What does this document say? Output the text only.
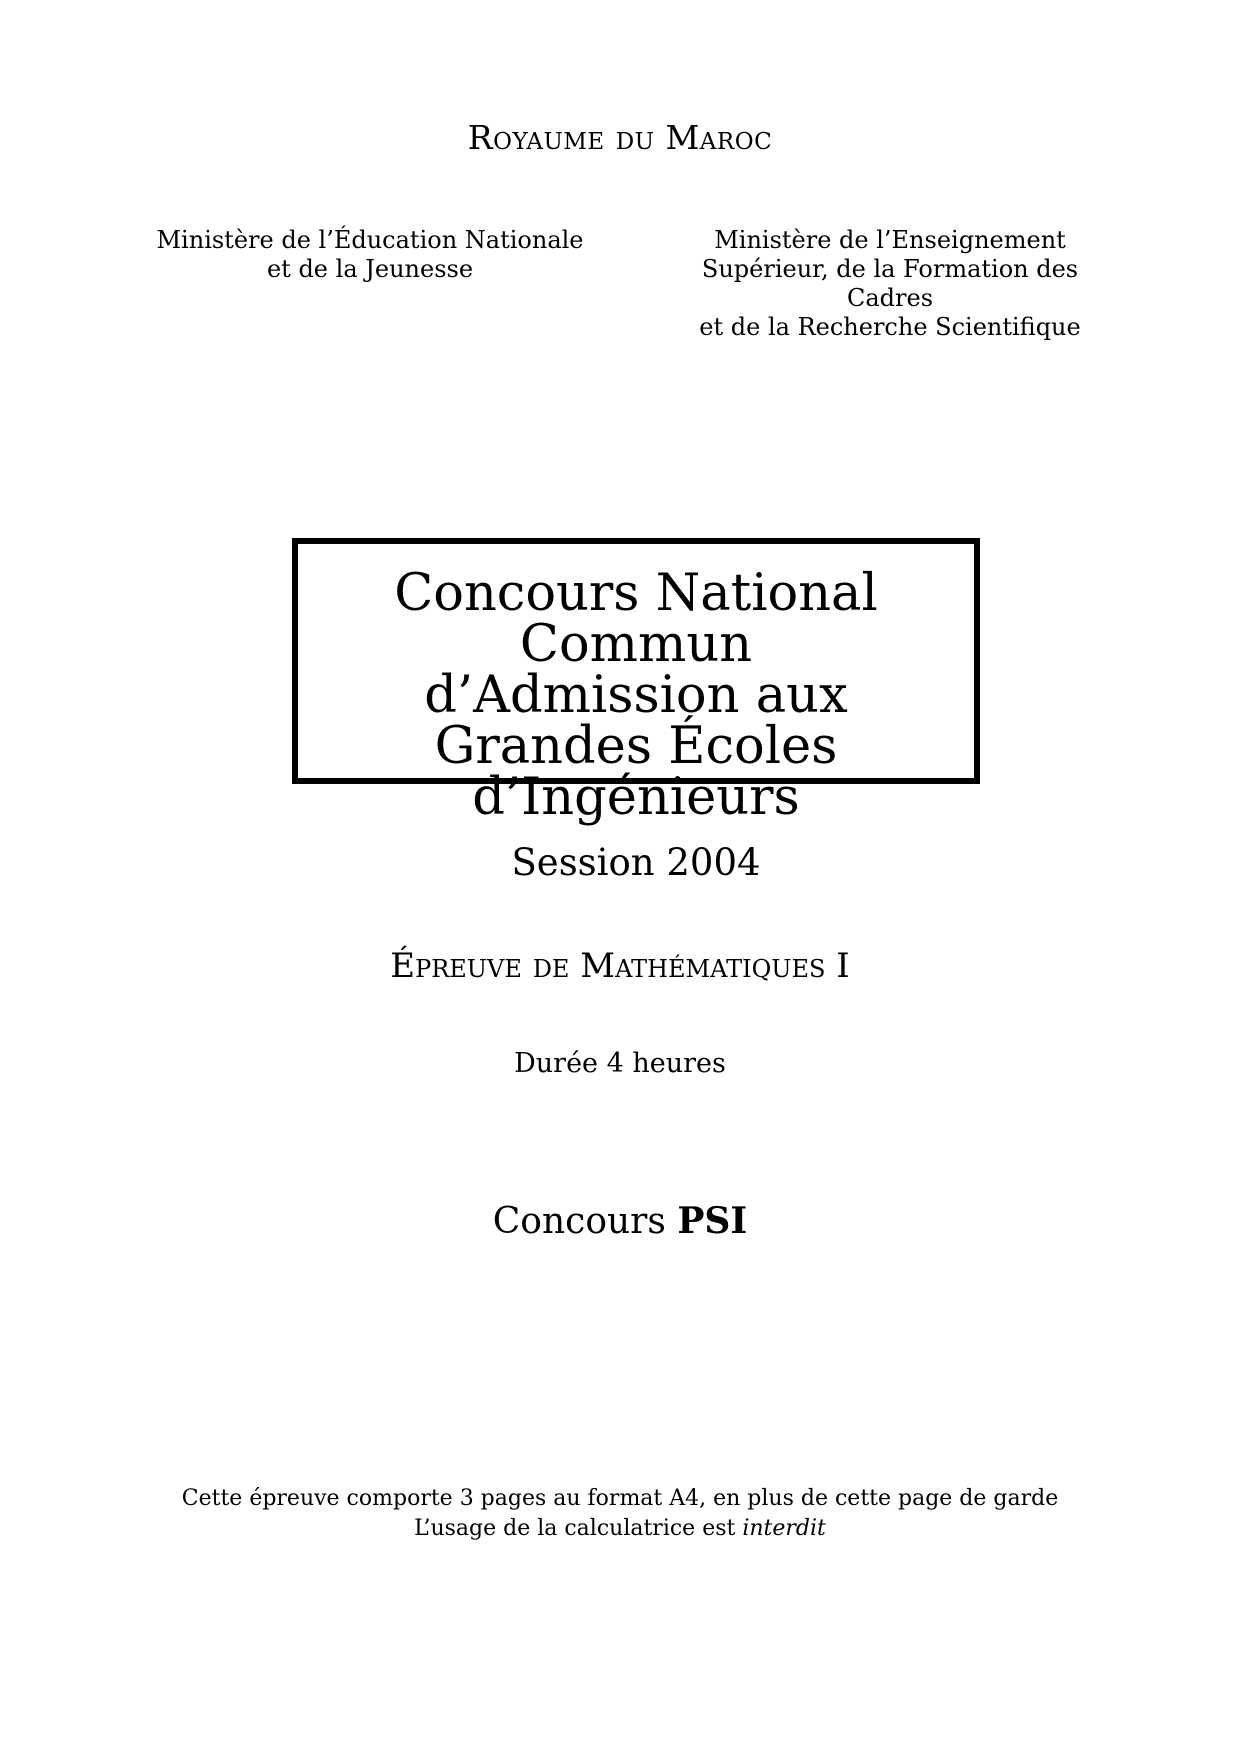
Royaume du Maroc
Ministère de l’Éducation Nationale
et de la Jeunesse
Ministère de l’Enseignement
Supérieur, de la Formation des Cadres
et de la Recherche Scientifique
Concours National Commun
d’Admission aux
Grandes Écoles d’Ingénieurs
Session 2004
Épreuve de Mathématiques I
Durée 4 heures
Concours PSI
Cette épreuve comporte 3 pages au format A4, en plus de cette page de garde
L’usage de la calculatrice est interdit
